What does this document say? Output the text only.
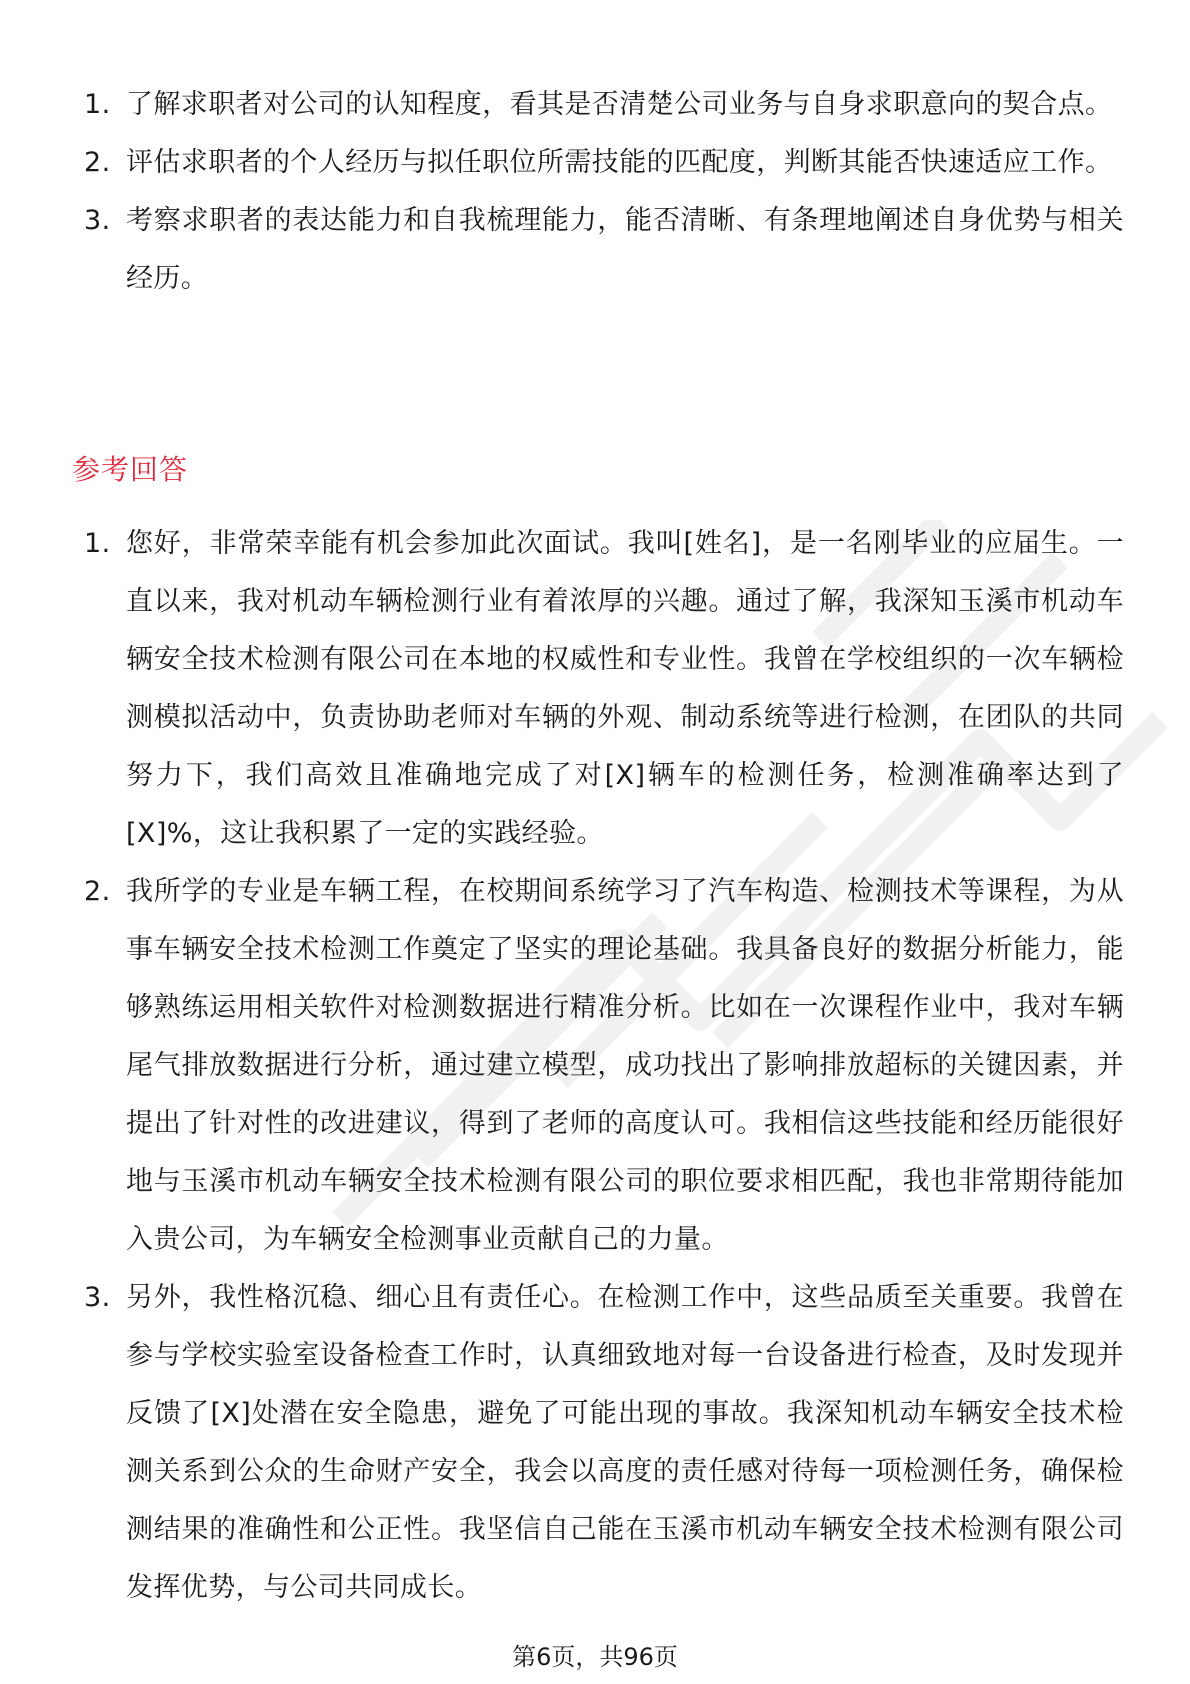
1. 了解求职者对公司的认知程度，看其是否清楚公司业务与自身求职意向的契合点。
2. 评估求职者的个人经历与拟任职位所需技能的匹配度，判断其能否快速适应工作。
3. 考察求职者的表达能力和自我梳理能力，能否清晰、有条理地阐述自身优势与相关经历。
参考回答
1. 您好，非常荣幸能有机会参加此次面试。我叫[姓名]，是一名刚毕业的应届生。一直以来，我对机动车辆检测行业有着浓厚的兴趣。通过了解，我深知玉溪市机动车辆安全技术检测有限公司在本地的权威性和专业性。我曾在学校组织的一次车辆检测模拟活动中，负责协助老师对车辆的外观、制动系统等进行检测，在团队的共同努力下，我们高效且准确地完成了对[X]辆车的检测任务，检测准确率达到了[X]%，这让我积累了一定的实践经验。
2. 我所学的专业是车辆工程，在校期间系统学习了汽车构造、检测技术等课程，为从事车辆安全技术检测工作奠定了坚实的理论基础。我具备良好的数据分析能力，能够熟练运用相关软件对检测数据进行精准分析。比如在一次课程作业中，我对车辆尾气排放数据进行分析，通过建立模型，成功找出了影响排放超标的关键因素，并提出了针对性的改进建议，得到了老师的高度认可。我相信这些技能和经历能很好地与玉溪市机动车辆安全技术检测有限公司的职位要求相匹配，我也非常期待能加入贵公司，为车辆安全检测事业贡献自己的力量。
3. 另外，我性格沉稳、细心且有责任心。在检测工作中，这些品质至关重要。我曾在参与学校实验室设备检查工作时，认真细致地对每一台设备进行检查，及时发现并反馈了[X]处潜在安全隐患，避免了可能出现的事故。我深知机动车辆安全技术检测关系到公众的生命财产安全，我会以高度的责任感对待每一项检测任务，确保检测结果的准确性和公正性。我坚信自己能在玉溪市机动车辆安全技术检测有限公司发挥优势，与公司共同成长。
第6页，共96页
